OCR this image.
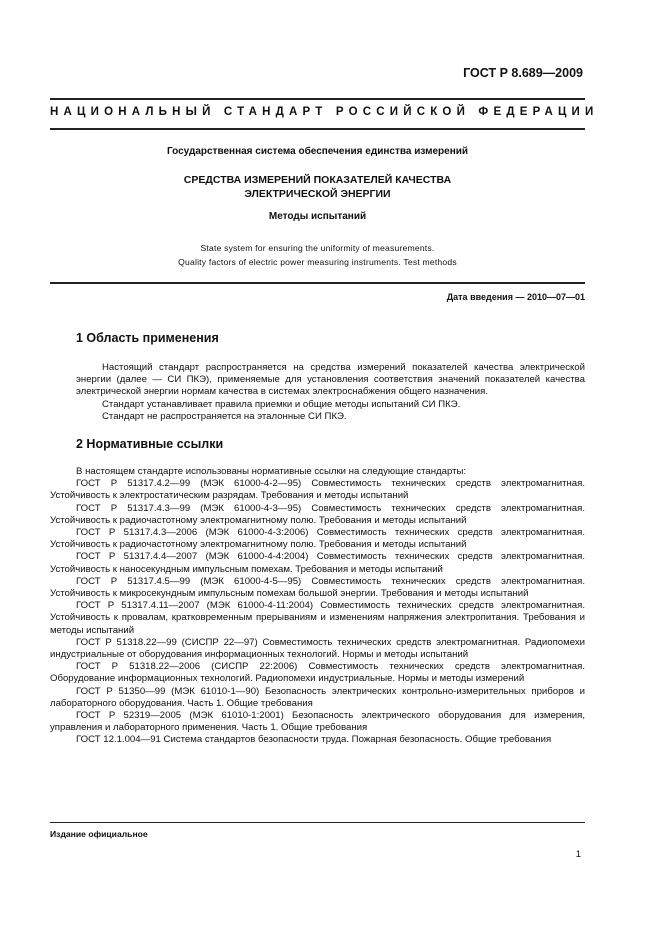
ГОСТ Р 8.689—2009
НАЦИОНАЛЬНЫЙ СТАНДАРТ РОССИЙСКОЙ ФЕДЕРАЦИИ
Государственная система обеспечения единства измерений
СРЕДСТВА ИЗМЕРЕНИЙ ПОКАЗАТЕЛЕЙ КАЧЕСТВА
ЭЛЕКТРИЧЕСКОЙ ЭНЕРГИИ
Методы испытаний
State system for ensuring the uniformity of measurements.
Quality factors of electric power measuring instruments. Test methods
Дата введения — 2010—07—01
1 Область применения

Настоящий стандарт распространяется на средства измерений показателей качества электрической энергии (далее — СИ ПКЭ), применяемые для установления соответствия значений показателей качества электрической энергии нормам качества в системах электроснабжения общего назначения.

Стандарт устанавливает правила приемки и общие методы испытаний СИ ПКЭ.

Стандарт не распространяется на эталонные СИ ПКЭ.

2 Нормативные ссылки

В настоящем стандарте использованы нормативные ссылки на следующие стандарты:

ГОСТ Р 51317.4.2—99 (МЭК 61000-4-2—95) Совместимость технических средств электромагнитная. Устойчивость к электростатическим разрядам. Требования и методы испытаний

ГОСТ Р 51317.4.3—99 (МЭК 61000-4-3—95) Совместимость технических средств электромагнитная. Устойчивость к радиочастотному электромагнитному полю. Требования и методы испытаний

ГОСТ Р 51317.4.3—2006 (МЭК 61000-4-3:2006) Совместимость технических средств электромагнитная. Устойчивость к радиочастотному электромагнитному полю. Требования и методы испытаний

ГОСТ Р 51317.4.4—2007 (МЭК 61000-4-4:2004) Совместимость технических средств электромагнитная. Устойчивость к наносекундным импульсным помехам. Требования и методы испытаний

ГОСТ Р 51317.4.5—99 (МЭК 61000-4-5—95) Совместимость технических средств электромагнитная. Устойчивость к микросекундным импульсным помехам большой энергии. Требования и методы испытаний

ГОСТ Р 51317.4.11—2007 (МЭК 61000-4-11:2004) Совместимость технических средств электромагнитная. Устойчивость к провалам, кратковременным прерываниям и изменениям напряжения электропитания. Требования и методы испытаний

ГОСТ Р 51318.22—99 (СИСПР 22—97) Совместимость технических средств электромагнитная. Радиопомехи индустриальные от оборудования информационных технологий. Нормы и методы испытаний

ГОСТ Р 51318.22—2006 (СИСПР 22:2006) Совместимость технических средств электромагнитная. Оборудование информационных технологий. Радиопомехи индустриальные. Нормы и методы измерений

ГОСТ Р 51350—99 (МЭК 61010-1—90) Безопасность электрических контрольно-измерительных приборов и лабораторного оборудования. Часть 1. Общие требования

ГОСТ Р 52319—2005 (МЭК 61010-1:2001) Безопасность электрического оборудования для измерения, управления и лабораторного применения. Часть 1. Общие требования

ГОСТ 12.1.004—91 Система стандартов безопасности труда. Пожарная безопасность. Общие требования

Издание официальное
1
